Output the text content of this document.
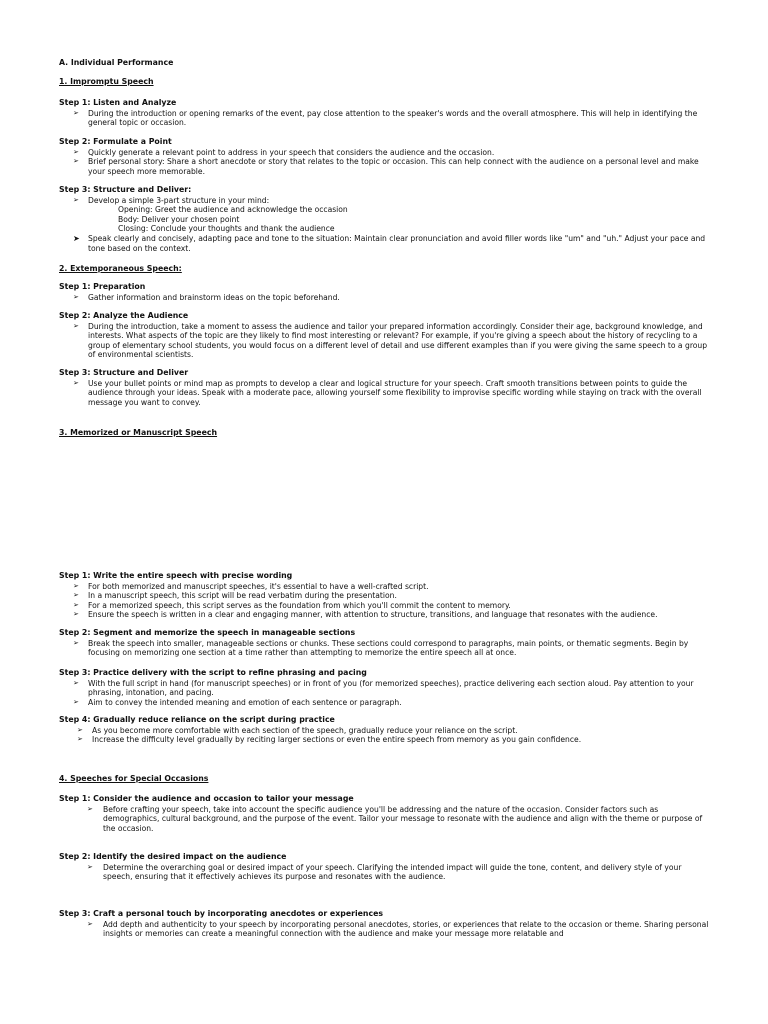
A. Individual Performance
1. Impromptu Speech
Step 1: Listen and Analyze
➢ During the introduction or opening remarks of the event, pay close attention to the speaker's words and the overall atmosphere. This will help in identifying the general topic or occasion.
Step 2: Formulate a Point
➢ Quickly generate a relevant point to address in your speech that considers the audience and the occasion.
➢ Brief personal story: Share a short anecdote or story that relates to the topic or occasion. This can help connect with the audience on a personal level and make your speech more memorable.
Step 3: Structure and Deliver:
➢ Develop a simple 3-part structure in your mind:
Opening: Greet the audience and acknowledge the occasion
Body: Deliver your chosen point
Closing: Conclude your thoughts and thank the audience
➤ Speak clearly and concisely, adapting pace and tone to the situation: Maintain clear pronunciation and avoid filler words like "um" and "uh." Adjust your pace and tone based on the context.
2. Extemporaneous Speech:
Step 1: Preparation
➢ Gather information and brainstorm ideas on the topic beforehand.
Step 2: Analyze the Audience
➢ During the introduction, take a moment to assess the audience and tailor your prepared information accordingly. Consider their age, background knowledge, and interests. What aspects of the topic are they likely to find most interesting or relevant? For example, if you're giving a speech about the history of recycling to a group of elementary school students, you would focus on a different level of detail and use different examples than if you were giving the same speech to a group of environmental scientists.
Step 3: Structure and Deliver
➢ Use your bullet points or mind map as prompts to develop a clear and logical structure for your speech. Craft smooth transitions between points to guide the audience through your ideas. Speak with a moderate pace, allowing yourself some flexibility to improvise specific wording while staying on track with the overall message you want to convey.
3. Memorized or Manuscript Speech
Step 1: Write the entire speech with precise wording
➢ For both memorized and manuscript speeches, it's essential to have a well-crafted script.
➢ In a manuscript speech, this script will be read verbatim during the presentation.
➢ For a memorized speech, this script serves as the foundation from which you'll commit the content to memory.
➢ Ensure the speech is written in a clear and engaging manner, with attention to structure, transitions, and language that resonates with the audience.
Step 2: Segment and memorize the speech in manageable sections
➢ Break the speech into smaller, manageable sections or chunks. These sections could correspond to paragraphs, main points, or thematic segments. Begin by focusing on memorizing one section at a time rather than attempting to memorize the entire speech all at once.
Step 3: Practice delivery with the script to refine phrasing and pacing
➢ With the full script in hand (for manuscript speeches) or in front of you (for memorized speeches), practice delivering each section aloud. Pay attention to your phrasing, intonation, and pacing.
➢ Aim to convey the intended meaning and emotion of each sentence or paragraph.
Step 4: Gradually reduce reliance on the script during practice
➢ As you become more comfortable with each section of the speech, gradually reduce your reliance on the script.
➢ Increase the difficulty level gradually by reciting larger sections or even the entire speech from memory as you gain confidence.
4. Speeches for Special Occasions
Step 1: Consider the audience and occasion to tailor your message
➢ Before crafting your speech, take into account the specific audience you'll be addressing and the nature of the occasion. Consider factors such as demographics, cultural background, and the purpose of the event. Tailor your message to resonate with the audience and align with the theme or purpose of the occasion.
Step 2: Identify the desired impact on the audience
➢ Determine the overarching goal or desired impact of your speech. Clarifying the intended impact will guide the tone, content, and delivery style of your speech, ensuring that it effectively achieves its purpose and resonates with the audience.
Step 3: Craft a personal touch by incorporating anecdotes or experiences
➢ Add depth and authenticity to your speech by incorporating personal anecdotes, stories, or experiences that relate to the occasion or theme. Sharing personal insights or memories can create a meaningful connection with the audience and make your message more relatable and
